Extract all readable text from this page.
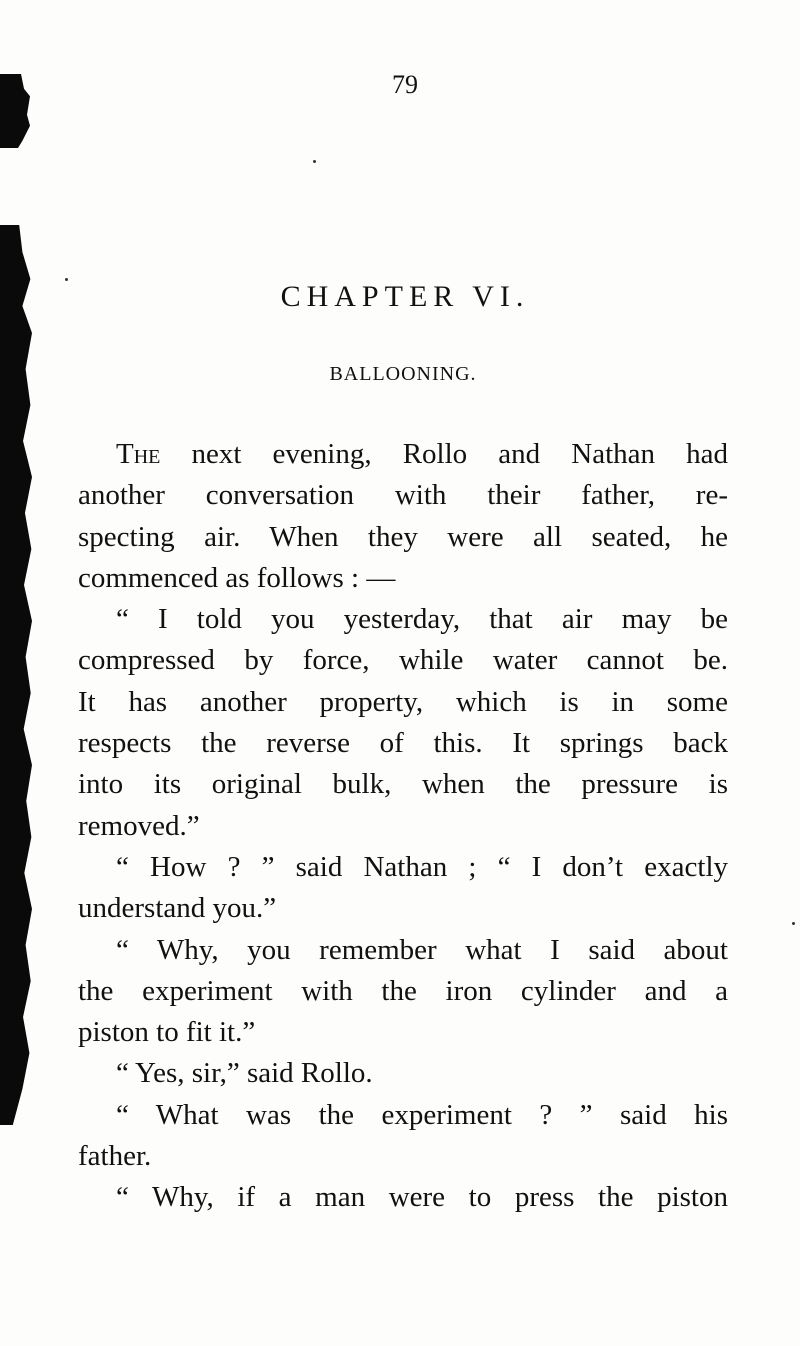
79
CHAPTER VI.
BALLOONING.
The next evening, Rollo and Nathan had
another conversation with their father, re-
specting air. When they were all seated, he
commenced as follows : —
“ I told you yesterday, that air may be
compressed by force, while water cannot be.
It has another property, which is in some
respects the reverse of this. It springs back
into its original bulk, when the pressure is
removed.”
“ How ? ” said Nathan ; “ I don’t exactly
understand you.”
“ Why, you remember what I said about
the experiment with the iron cylinder and a
piston to fit it.”
“ Yes, sir,” said Rollo.
“ What was the experiment ? ” said his
father.
“ Why, if a man were to press the piston
